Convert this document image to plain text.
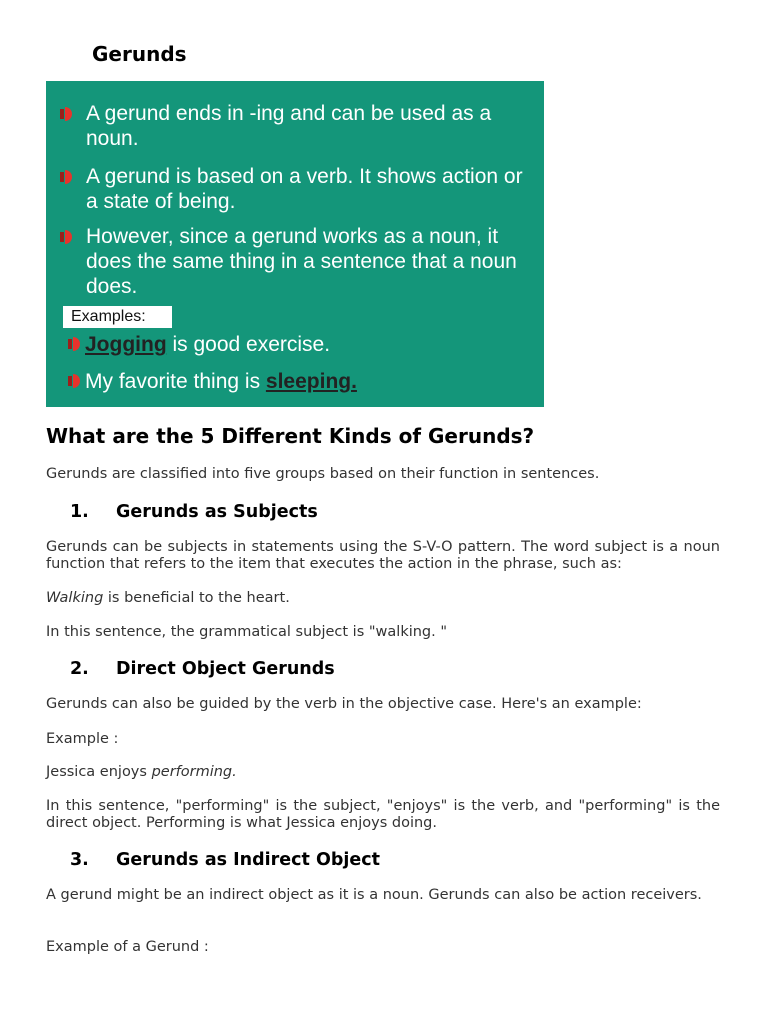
Gerunds
A gerund ends in -ing and can be used as a noun.
A gerund is based on a verb. It shows action or a state of being.
However, since a gerund works as a noun, it does the same thing in a sentence that a noun does.
Examples:
Jogging is good exercise.
My favorite thing is sleeping.
What are the 5 Different Kinds of Gerunds?

Gerunds are classified into five groups based on their function in sentences.

1. Gerunds as Subjects

Gerunds can be subjects in statements using the S-V-O pattern. The word subject is a noun function that refers to the item that executes the action in the phrase, such as:

Walking is beneficial to the heart.

In this sentence, the grammatical subject is "walking. "

2. Direct Object Gerunds

Gerunds can also be guided by the verb in the objective case. Here's an example:

Example :

Jessica enjoys performing.

In this sentence, "performing" is the subject, "enjoys" is the verb, and "performing" is the direct object. Performing is what Jessica enjoys doing.

3. Gerunds as Indirect Object

A gerund might be an indirect object as it is a noun. Gerunds can also be action receivers.

Example of a Gerund :
